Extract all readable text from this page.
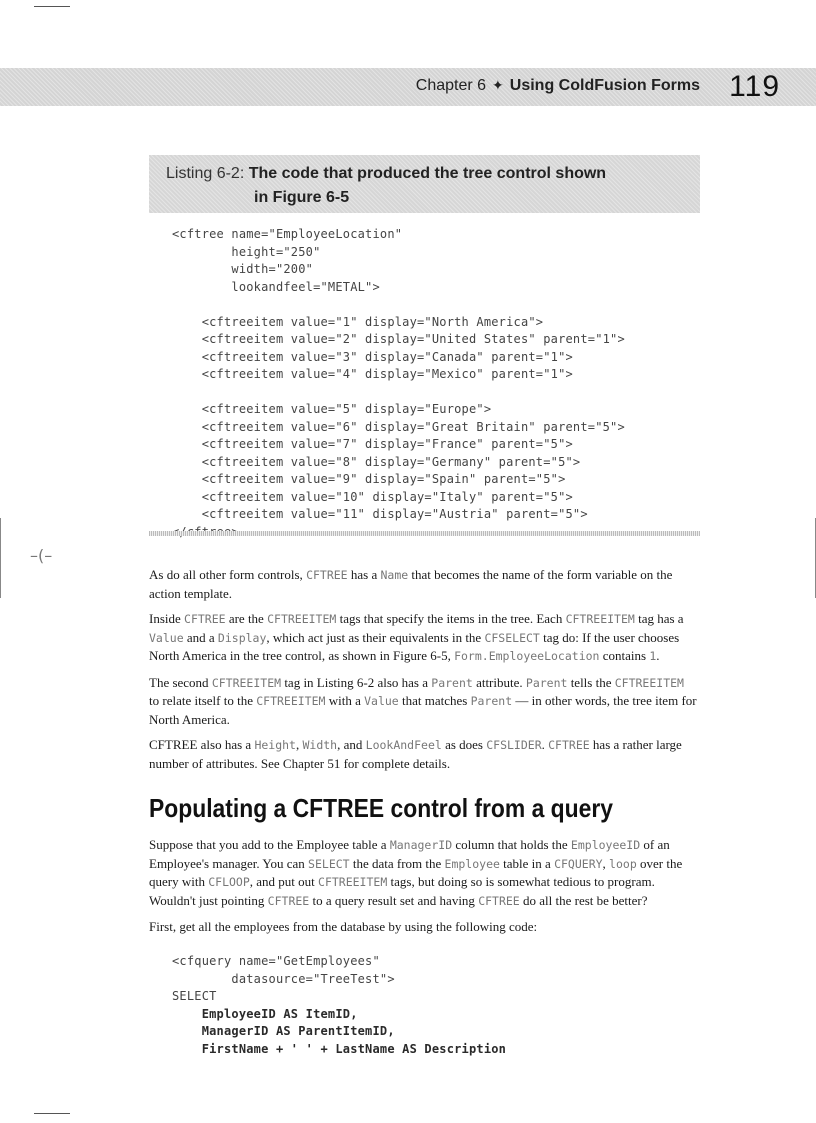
Chapter 6 ✦ Using ColdFusion Forms 119
Listing 6-2: The code that produced the tree control shown
in Figure 6-5
<cftree name="EmployeeLocation"
height="250"
width="200"
lookandfeel="METAL">
<cftreeitem value="1" display="North America">
<cftreeitem value="2" display="United States" parent="1">
<cftreeitem value="3" display="Canada" parent="1">
<cftreeitem value="4" display="Mexico" parent="1">
<cftreeitem value="5" display="Europe">
<cftreeitem value="6" display="Great Britain" parent="5">
<cftreeitem value="7" display="France" parent="5">
<cftreeitem value="8" display="Germany" parent="5">
<cftreeitem value="9" display="Spain" parent="5">
<cftreeitem value="10" display="Italy" parent="5">
<cftreeitem value="11" display="Austria" parent="5">
–⁢(–

As do all other form controls, CFTREE has a Name that becomes the name of the form variable on the action template.

Inside CFTREE are the CFTREEITEM tags that specify the items in the tree. Each CFTREEITEM tag has a Value and a Display, which act just as their equivalents in the CFSELECT tag do: If the user chooses North America in the tree control, as shown in Figure 6-5, Form.EmployeeLocation contains 1.

The second CFTREEITEM tag in Listing 6-2 also has a Parent attribute. Parent tells the CFTREEITEM to relate itself to the CFTREEITEM with a Value that matches Parent — in other words, the tree item for North America.

CFTREE also has a Height, Width, and LookAndFeel as does CFSLIDER. CFTREE has a rather large number of attributes. See Chapter 51 for complete details.

Populating a CFTREE control from a query

Suppose that you add to the Employee table a ManagerID column that holds the EmployeeID of an Employee's manager. You can SELECT the data from the Employee table in a CFQUERY, loop over the query with CFLOOP, and put out CFTREEITEM tags, but doing so is somewhat tedious to program. Wouldn't just pointing CFTREE to a query result set and having CFTREE do all the rest be better?

First, get all the employees from the database by using the following code:

<cfquery name="GetEmployees"
datasource="TreeTest">
SELECT
EmployeeID AS ItemID,
ManagerID AS ParentItemID,
FirstName + ' ' + LastName AS Description
